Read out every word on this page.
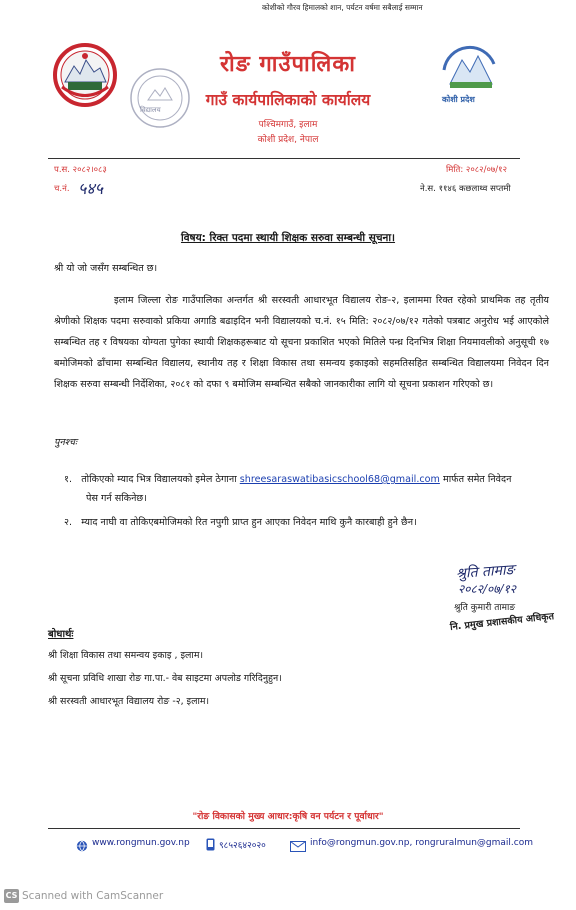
कोशीको गौरव हिमालको शान, पर्यटन वर्षमा सबैलाई सम्मान
विद्यालय
रोङ गाउँपालिका
गाउँ कार्यपालिकाको कार्यालय
पश्चिमगाउँ, इलाम
कोशी प्रदेश, नेपाल
कोशी प्रदेश
प.स. २०८२।०८३
च.नं. ५४५
मिति: २०८२/०७/१२
ने.स. ११४६ कछलाथ्व सप्तमी
विषय: रिक्त पदमा स्थायी शिक्षक सरुवा सम्बन्धी सूचना।
श्री यो जो जसँग सम्बन्धित छ।
इलाम जिल्ला रोङ गाउँपालिका अन्तर्गत श्री सरस्वती आधारभूत विद्यालय रोङ-२, इलाममा रिक्त रहेको प्राथमिक तह तृतीय श्रेणीको शिक्षक पदमा सरुवाको प्रकिया अगाडि बढाइदिन भनी विद्यालयको च.नं. १५ मिति: २०८२/०७/१२ गतेको पत्रबाट अनुरोध भई आएकोले सम्बन्धित तह र विषयका योग्यता पुगेका स्थायी शिक्षकहरूबाट यो सूचना प्रकाशित भएको मितिले पन्ध्र दिनभित्र शिक्षा नियमावलीको अनुसूची १७ बमोजिमको ढाँचामा सम्बन्धित विद्यालय, स्थानीय तह र शिक्षा विकास तथा समन्वय इकाइको सहमतिसहित सम्बन्धित विद्यालयमा निवेदन दिन शिक्षक सरुवा सम्बन्धी निर्देशिका, २०८१ को दफा ९ बमोजिम सम्बन्धित सबैको जानकारीका लागि यो सूचना प्रकाशन गरिएको छ।
पुनश्चः
१. तोकिएको म्याद भित्र विद्यालयको इमेल ठेगाना shreesaraswatibasicschool68@gmail.com मार्फत समेत निवेदन
पेस गर्न सकिनेछ।
२. म्याद नाघी वा तोकिएबमोजिमको रित नपुगी प्राप्त हुन आएका निवेदन माथि कुनै कारबाही हुने छैन।
श्रुति तामाङ
२०८२/०७/१२
श्रुति कुमारी तामाङ
नि. प्रमुख प्रशासकीय अधिकृत
बोधार्थः
श्री शिक्षा विकास तथा समन्वय इकाइ , इलाम।
श्री सूचना प्रविधि शाखा रोङ गा.पा.- वेब साइटमा अपलोड गरिदिनुहुन।
श्री सरस्वती आधारभूत विद्यालय रोङ -२, इलाम।
"रोङ विकासको मुख्य आधार:कृषि वन पर्यटन र पूर्वाधार"
www.rongmun.gov.np	९८५२६४२०२०	info@rongmun.gov.np, rongruralmun@gmail.com
CS Scanned with CamScanner
